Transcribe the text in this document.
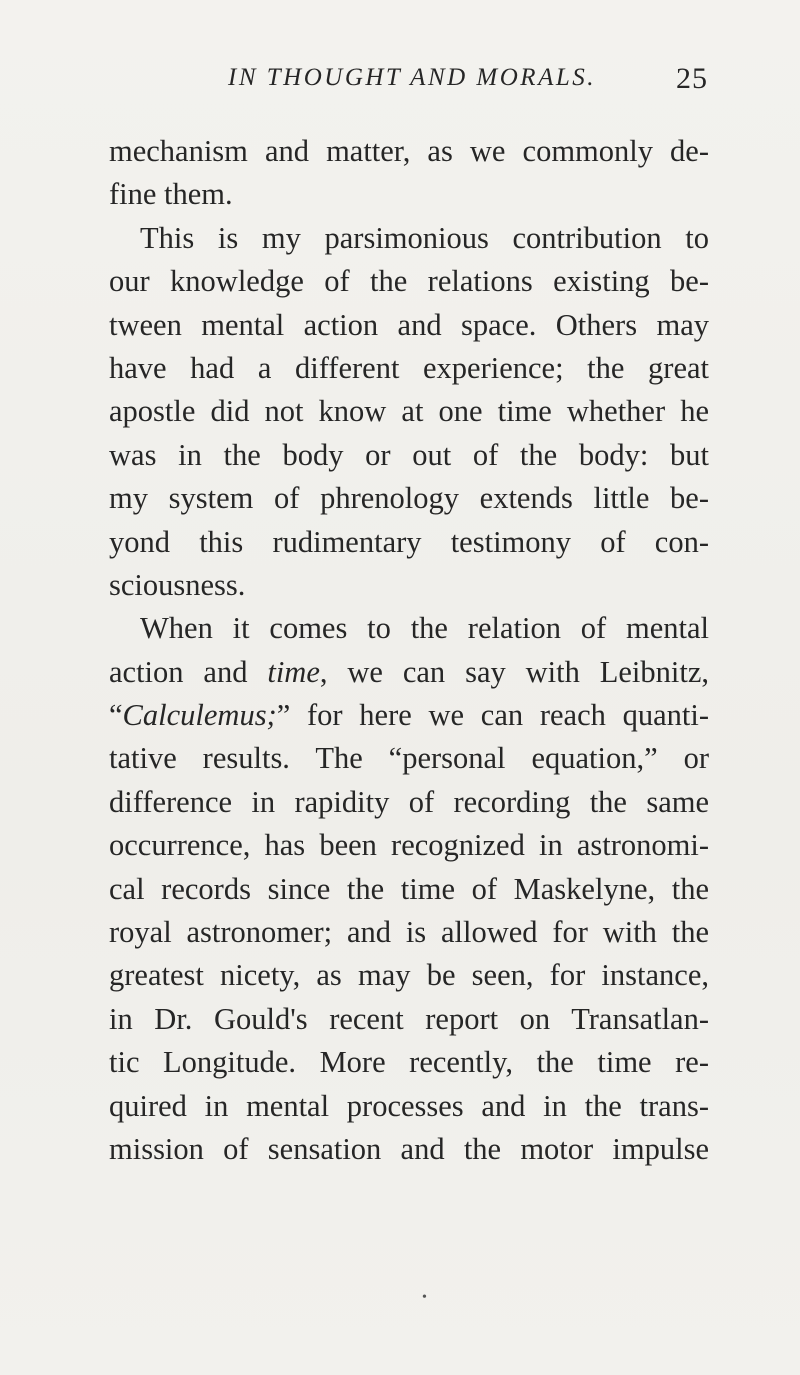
IN THOUGHT AND MORALS.	25
mechanism and matter, as we commonly de-
fine them.
This is my parsimonious contribution to
our knowledge of the relations existing be-
tween mental action and space. Others may
have had a different experience; the great
apostle did not know at one time whether he
was in the body or out of the body: but
my system of phrenology extends little be-
yond this rudimentary testimony of con-
sciousness.
When it comes to the relation of mental
action and time, we can say with Leibnitz,
“Calculemus;” for here we can reach quanti-
tative results. The “personal equation,” or
difference in rapidity of recording the same
occurrence, has been recognized in astronomi-
cal records since the time of Maskelyne, the
royal astronomer; and is allowed for with the
greatest nicety, as may be seen, for instance,
in Dr. Gould's recent report on Transatlan-
tic Longitude. More recently, the time re-
quired in mental processes and in the trans-
mission of sensation and the motor impulse
•
